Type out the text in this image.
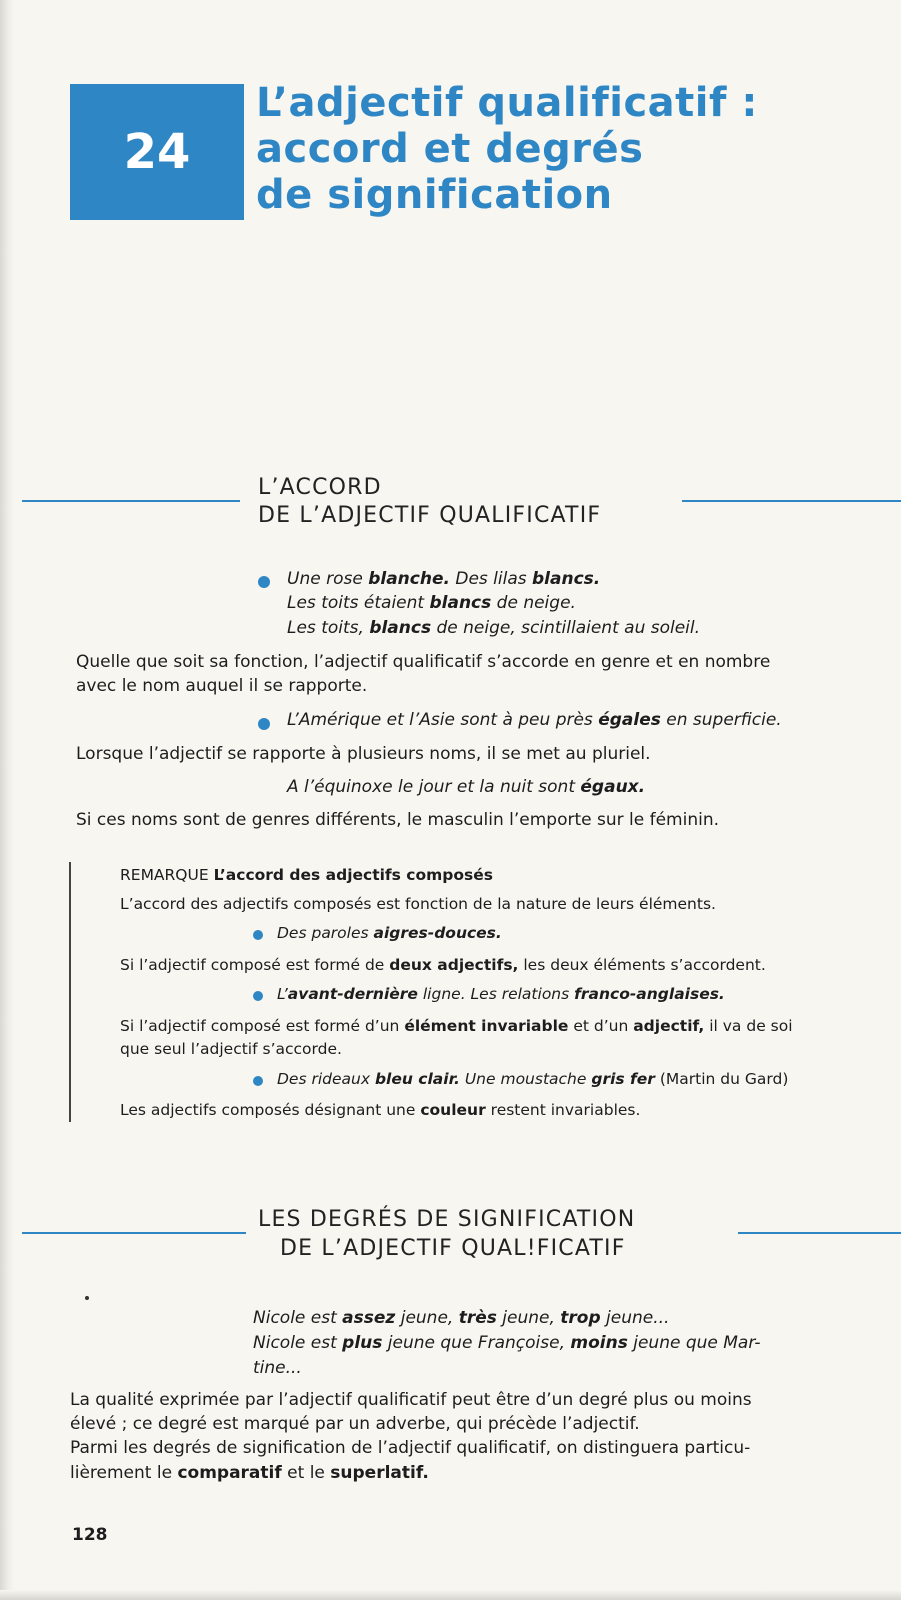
24
L’adjectif qualificatif :
accord et degrés
de signification
L’ACCORD
DE L’ADJECTIF QUALIFICATIF
Une rose blanche. Des lilas blancs.
Les toits étaient blancs de neige.
Les toits, blancs de neige, scintillaient au soleil.
Quelle que soit sa fonction, l’adjectif qualificatif s’accorde en genre et en nombre
avec le nom auquel il se rapporte.
L’Amérique et l’Asie sont à peu près égales en superficie.
Lorsque l’adjectif se rapporte à plusieurs noms, il se met au pluriel.
A l’équinoxe le jour et la nuit sont égaux.
Si ces noms sont de genres différents, le masculin l’emporte sur le féminin.
REMARQUE L’accord des adjectifs composés
L’accord des adjectifs composés est fonction de la nature de leurs éléments.
Des paroles aigres-douces.
Si l’adjectif composé est formé de deux adjectifs, les deux éléments s’accordent.
L’avant-dernière ligne. Les relations franco-anglaises.
Si l’adjectif composé est formé d’un élément invariable et d’un adjectif, il va de soi
que seul l’adjectif s’accorde.
Des rideaux bleu clair. Une moustache gris fer (Martin du Gard)
Les adjectifs composés désignant une couleur restent invariables.
LES DEGRÉS DE SIGNIFICATION
DE L’ADJECTIF QUAL!FICATIF
Nicole est assez jeune, très jeune, trop jeune...
Nicole est plus jeune que Françoise, moins jeune que Mar-
tine...
La qualité exprimée par l’adjectif qualificatif peut être d’un degré plus ou moins
élevé ; ce degré est marqué par un adverbe, qui précède l’adjectif.
Parmi les degrés de signification de l’adjectif qualificatif, on distinguera particu-
lièrement le comparatif et le superlatif.
128
